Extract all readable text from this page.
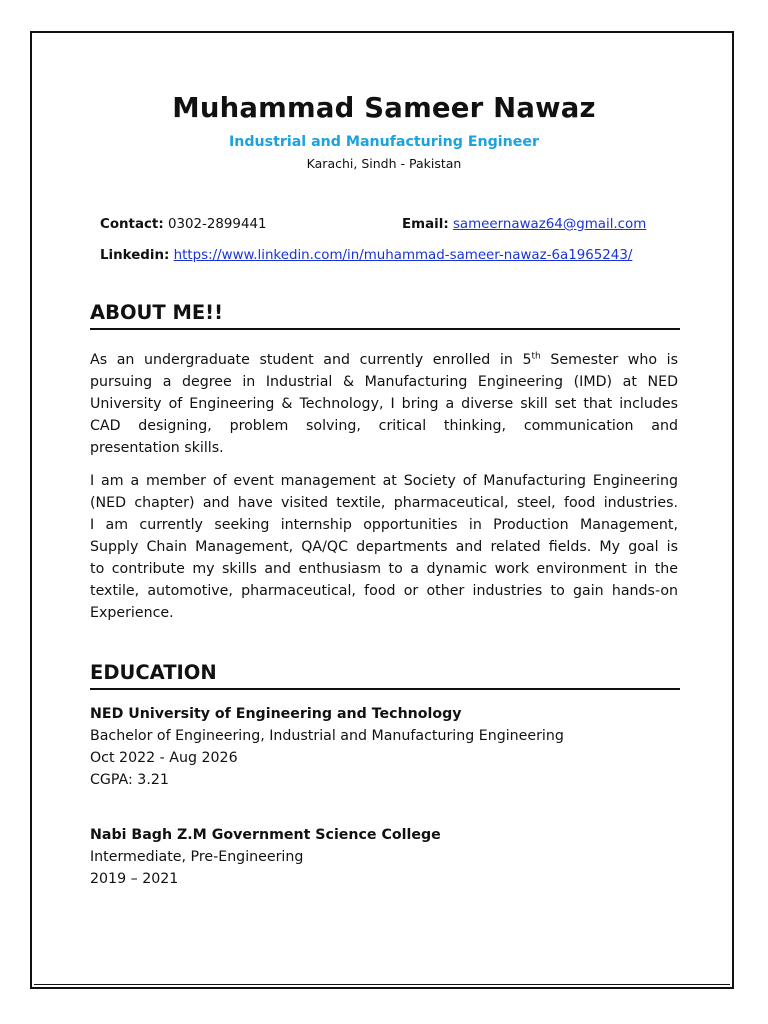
Muhammad Sameer Nawaz
Industrial and Manufacturing Engineer
Karachi, Sindh - Pakistan
Contact: 0302-2899441	Email: sameernawaz64@gmail.com
Linkedin: https://www.linkedin.com/in/muhammad-sameer-nawaz-6a1965243/
ABOUT ME!!
As an undergraduate student and currently enrolled in 5th Semester who is
pursuing a degree in Industrial & Manufacturing Engineering (IMD) at NED
University of Engineering & Technology, I bring a diverse skill set that includes
CAD designing, problem solving, critical thinking, communication and
presentation skills.
I am a member of event management at Society of Manufacturing Engineering
(NED chapter) and have visited textile, pharmaceutical, steel, food industries.
I am currently seeking internship opportunities in Production Management,
Supply Chain Management, QA/QC departments and related fields. My goal is
to contribute my skills and enthusiasm to a dynamic work environment in the
textile, automotive, pharmaceutical, food or other industries to gain hands-on
Experience.
EDUCATION
NED University of Engineering and Technology
Bachelor of Engineering, Industrial and Manufacturing Engineering
Oct 2022 - Aug 2026
CGPA: 3.21
Nabi Bagh Z.M Government Science College
Intermediate, Pre-Engineering
2019 – 2021
